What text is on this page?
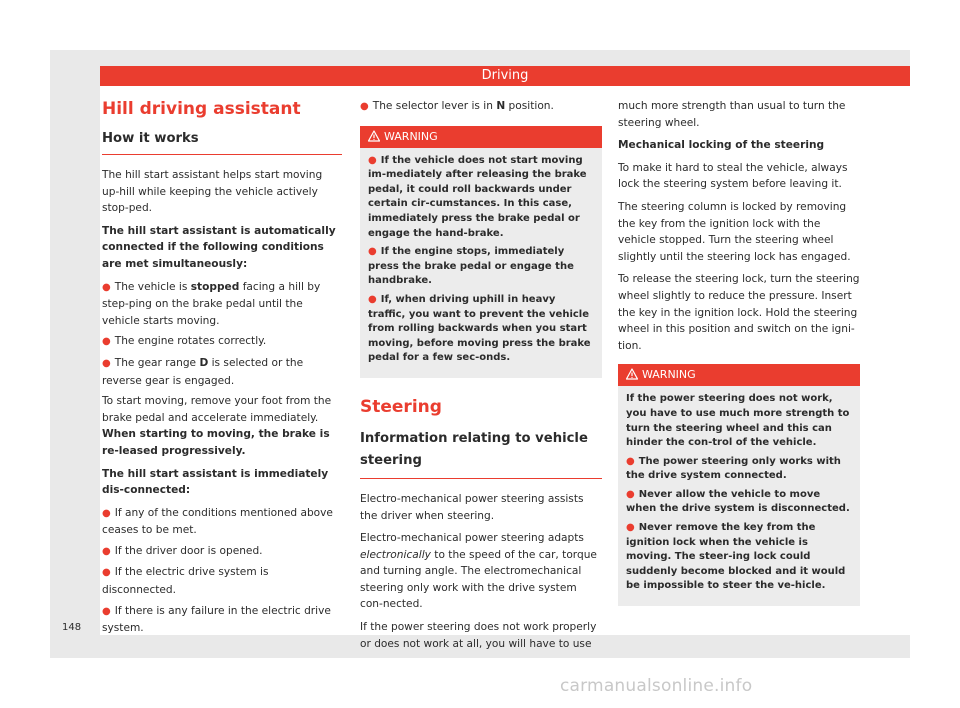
Driving
Hill driving assistant
How it works

The hill start assistant helps start moving up-hill while keeping the vehicle actively stop-ped.

The hill start assistant is automatically connected if the following conditions are met simultaneously:

● The vehicle is stopped facing a hill by step-ping on the brake pedal until the vehicle starts moving.

● The engine rotates correctly.

● The gear range D is selected or the reverse gear is engaged.

To start moving, remove your foot from the brake pedal and accelerate immediately. When starting to moving, the brake is re-leased progressively.

The hill start assistant is immediately dis-connected:

● If any of the conditions mentioned above ceases to be met.

● If the driver door is opened.

● If the electric drive system is disconnected.

● If there is any failure in the electric drive system.

● The selector lever is in N position.

WARNING

● If the vehicle does not start moving im-mediately after releasing the brake pedal, it could roll backwards under certain cir-cumstances. In this case, immediately press the brake pedal or engage the hand-brake.

● If the engine stops, immediately press the brake pedal or engage the handbrake.

● If, when driving uphill in heavy traffic, you want to prevent the vehicle from rolling backwards when you start moving, before moving press the brake pedal for a few sec-onds.

Steering
Information relating to vehicle steering

Electro-mechanical power steering assists the driver when steering.

Electro-mechanical power steering adapts electronically to the speed of the car, torque and turning angle. The electromechanical steering only work with the drive system con-nected.

If the power steering does not work properly or does not work at all, you will have to use

much more strength than usual to turn the steering wheel.

Mechanical locking of the steering

To make it hard to steal the vehicle, always lock the steering system before leaving it.

The steering column is locked by removing the key from the ignition lock with the vehicle stopped. Turn the steering wheel slightly until the steering lock has engaged.

To release the steering lock, turn the steering wheel slightly to reduce the pressure. Insert the key in the ignition lock. Hold the steering wheel in this position and switch on the igni-tion.

WARNING

If the power steering does not work, you have to use much more strength to turn the steering wheel and this can hinder the con-trol of the vehicle.

● The power steering only works with the drive system connected.

● Never allow the vehicle to move when the drive system is disconnected.

● Never remove the key from the ignition lock when the vehicle is moving. The steer-ing lock could suddenly become blocked and it would be impossible to steer the ve-hicle.

148
carmanualsonline.info
